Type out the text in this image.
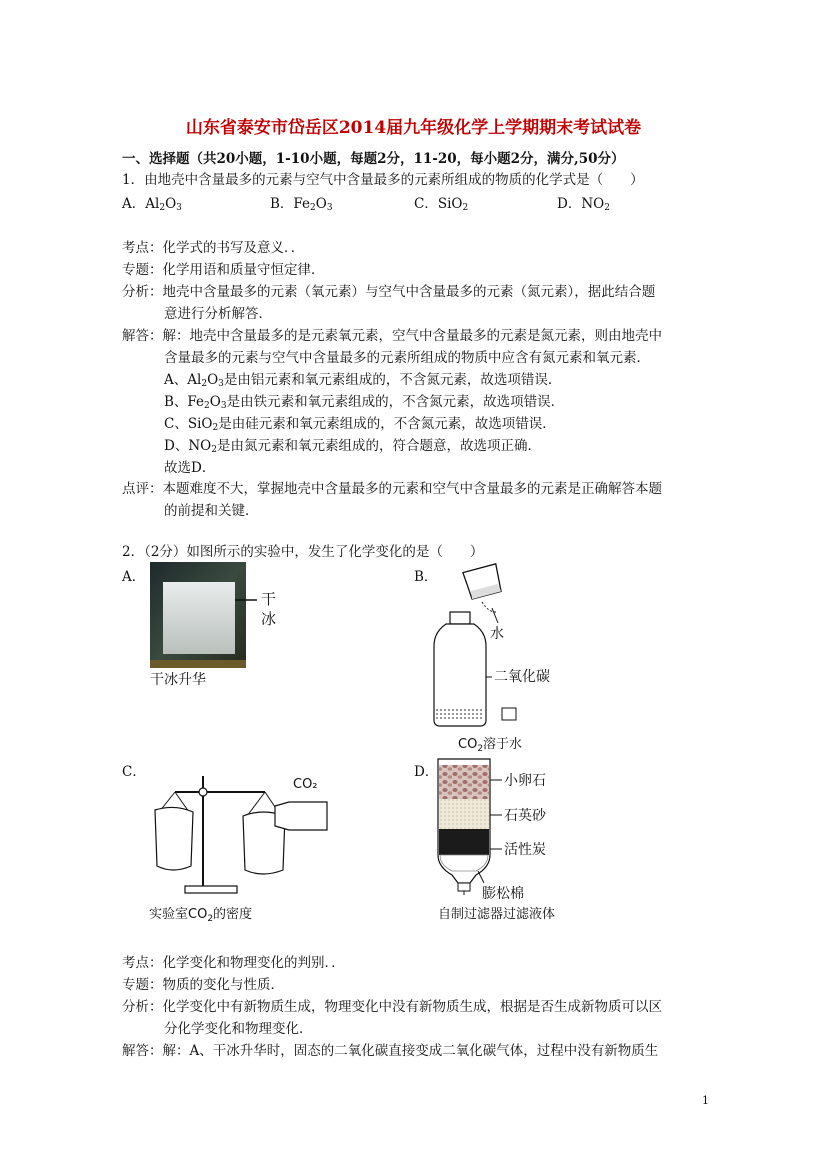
山东省泰安市岱岳区2014届九年级化学上学期期末考试试卷
一、选择题（共20小题，1-10小题，每题2分，11-20，每小题2分，满分,50分）
1．由地壳中含量最多的元素与空气中含量最多的元素所组成的物质的化学式是（　　）
A．$Al_2O_3$	B．$Fe_2O_3$	C．SiO$_2$	D．$NO_2$
考点：化学式的书写及意义．．
专题：化学用语和质量守恒定律．
分析：地壳中含量最多的元素（氧元素）与空气中含量最多的元素（氮元素），据此结合题
意进行分析解答．
解答：解：地壳中含量最多的是元素氧元素，空气中含量最多的元素是氮元素，则由地壳中
含量最多的元素与空气中含量最多的元素所组成的物质中应含有氮元素和氧元素．
A、$Al_2O_3$是由铝元素和氧元素组成的，不含氮元素，故选项错误．
B、$Fe_2O_3$是由铁元素和氧元素组成的，不含氮元素，故选项错误．
C、SiO$_2$是由硅元素和氧元素组成的，不含氮元素，故选项错误．
D、$NO_2$是由氮元素和氧元素组成的，符合题意，故选项正确．
故选D．
点评：本题难度不大，掌握地壳中含量最多的元素和空气中含量最多的元素是正确解答本题
的前提和关键．
2．（2分）如图所示的实验中，发生了化学变化的是（　　）
A．	B．
C．	D．
干
冰
干冰升华
水
二氧化碳
$CO_2$溶于水
CO₂
实验室$CO_2$的密度
小卵石
石英砂
活性炭
膨松棉
自制过滤器过滤液体
考点：化学变化和物理变化的判别．．
专题：物质的变化与性质．
分析：化学变化中有新物质生成，物理变化中没有新物质生成，根据是否生成新物质可以区
分化学变化和物理变化．
解答：解：A、干冰升华时，固态的二氧化碳直接变成二氧化碳气体，过程中没有新物质生
1
